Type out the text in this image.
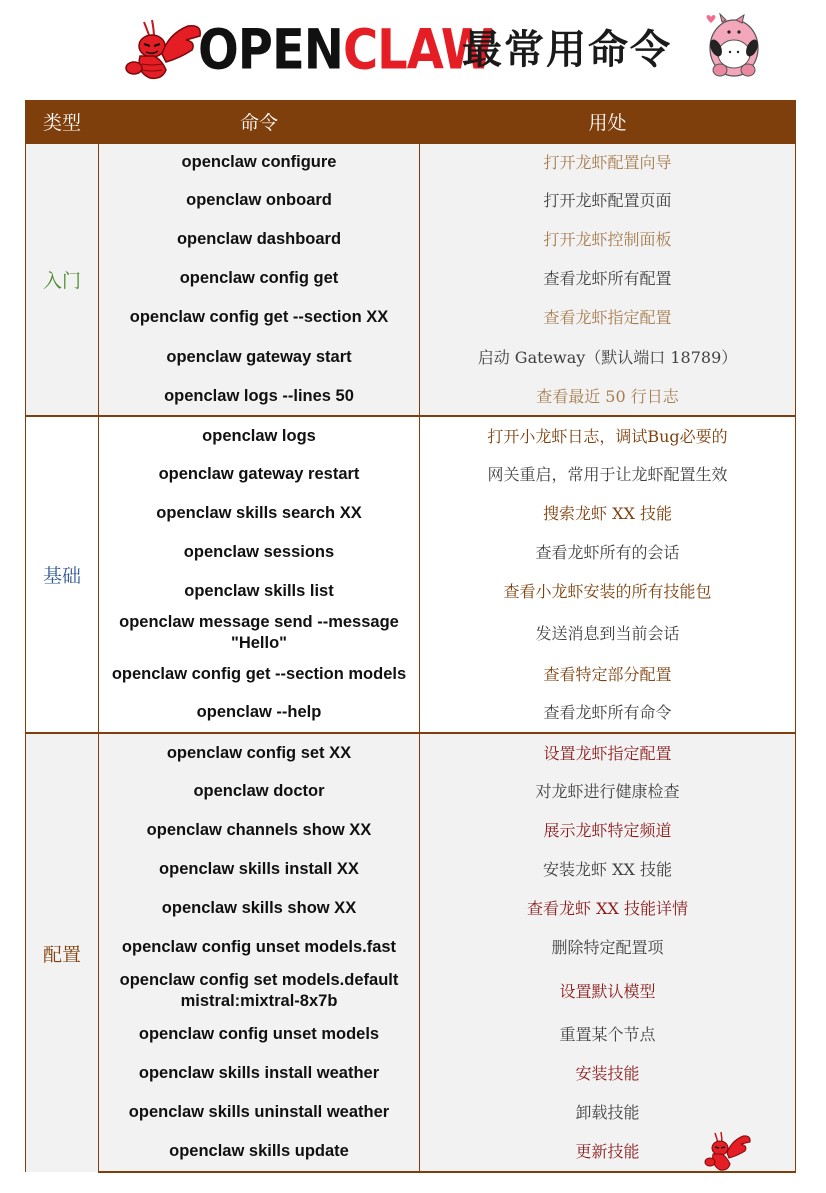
OPEN CLAW
最常用命令
类型	命令	用处
入门	openclaw configure	打开龙虾配置向导
	openclaw onboard	打开龙虾配置页面
	openclaw dashboard	打开龙虾控制面板
	openclaw config get	查看龙虾所有配置
	openclaw config get --section XX	查看龙虾指定配置
	openclaw gateway start	启动 Gateway（默认端口 18789）
	openclaw logs --lines 50	查看最近 50 行日志
基础	openclaw logs	打开小龙虾日志，调试Bug必要的
	openclaw gateway restart	网关重启，常用于让龙虾配置生效
	openclaw skills search XX	搜索龙虾 XX 技能
	openclaw sessions	查看龙虾所有的会话
	openclaw skills list	查看小龙虾安装的所有技能包
	openclaw message send --message "Hello"	发送消息到当前会话
	openclaw config get --section models	查看特定部分配置
	openclaw --help	查看龙虾所有命令
配置	openclaw config set XX	设置龙虾指定配置
	openclaw doctor	对龙虾进行健康检查
	openclaw channels show XX	展示龙虾特定频道
	openclaw skills install XX	安装龙虾 XX 技能
	openclaw skills show XX	查看龙虾 XX 技能详情
	openclaw config unset models.fast	删除特定配置项
	openclaw config set models.default mistral:mixtral-8x7b	设置默认模型
	openclaw config unset models	重置某个节点
	openclaw skills install weather	安装技能
	openclaw skills uninstall weather	卸载技能
	openclaw skills update	更新技能
